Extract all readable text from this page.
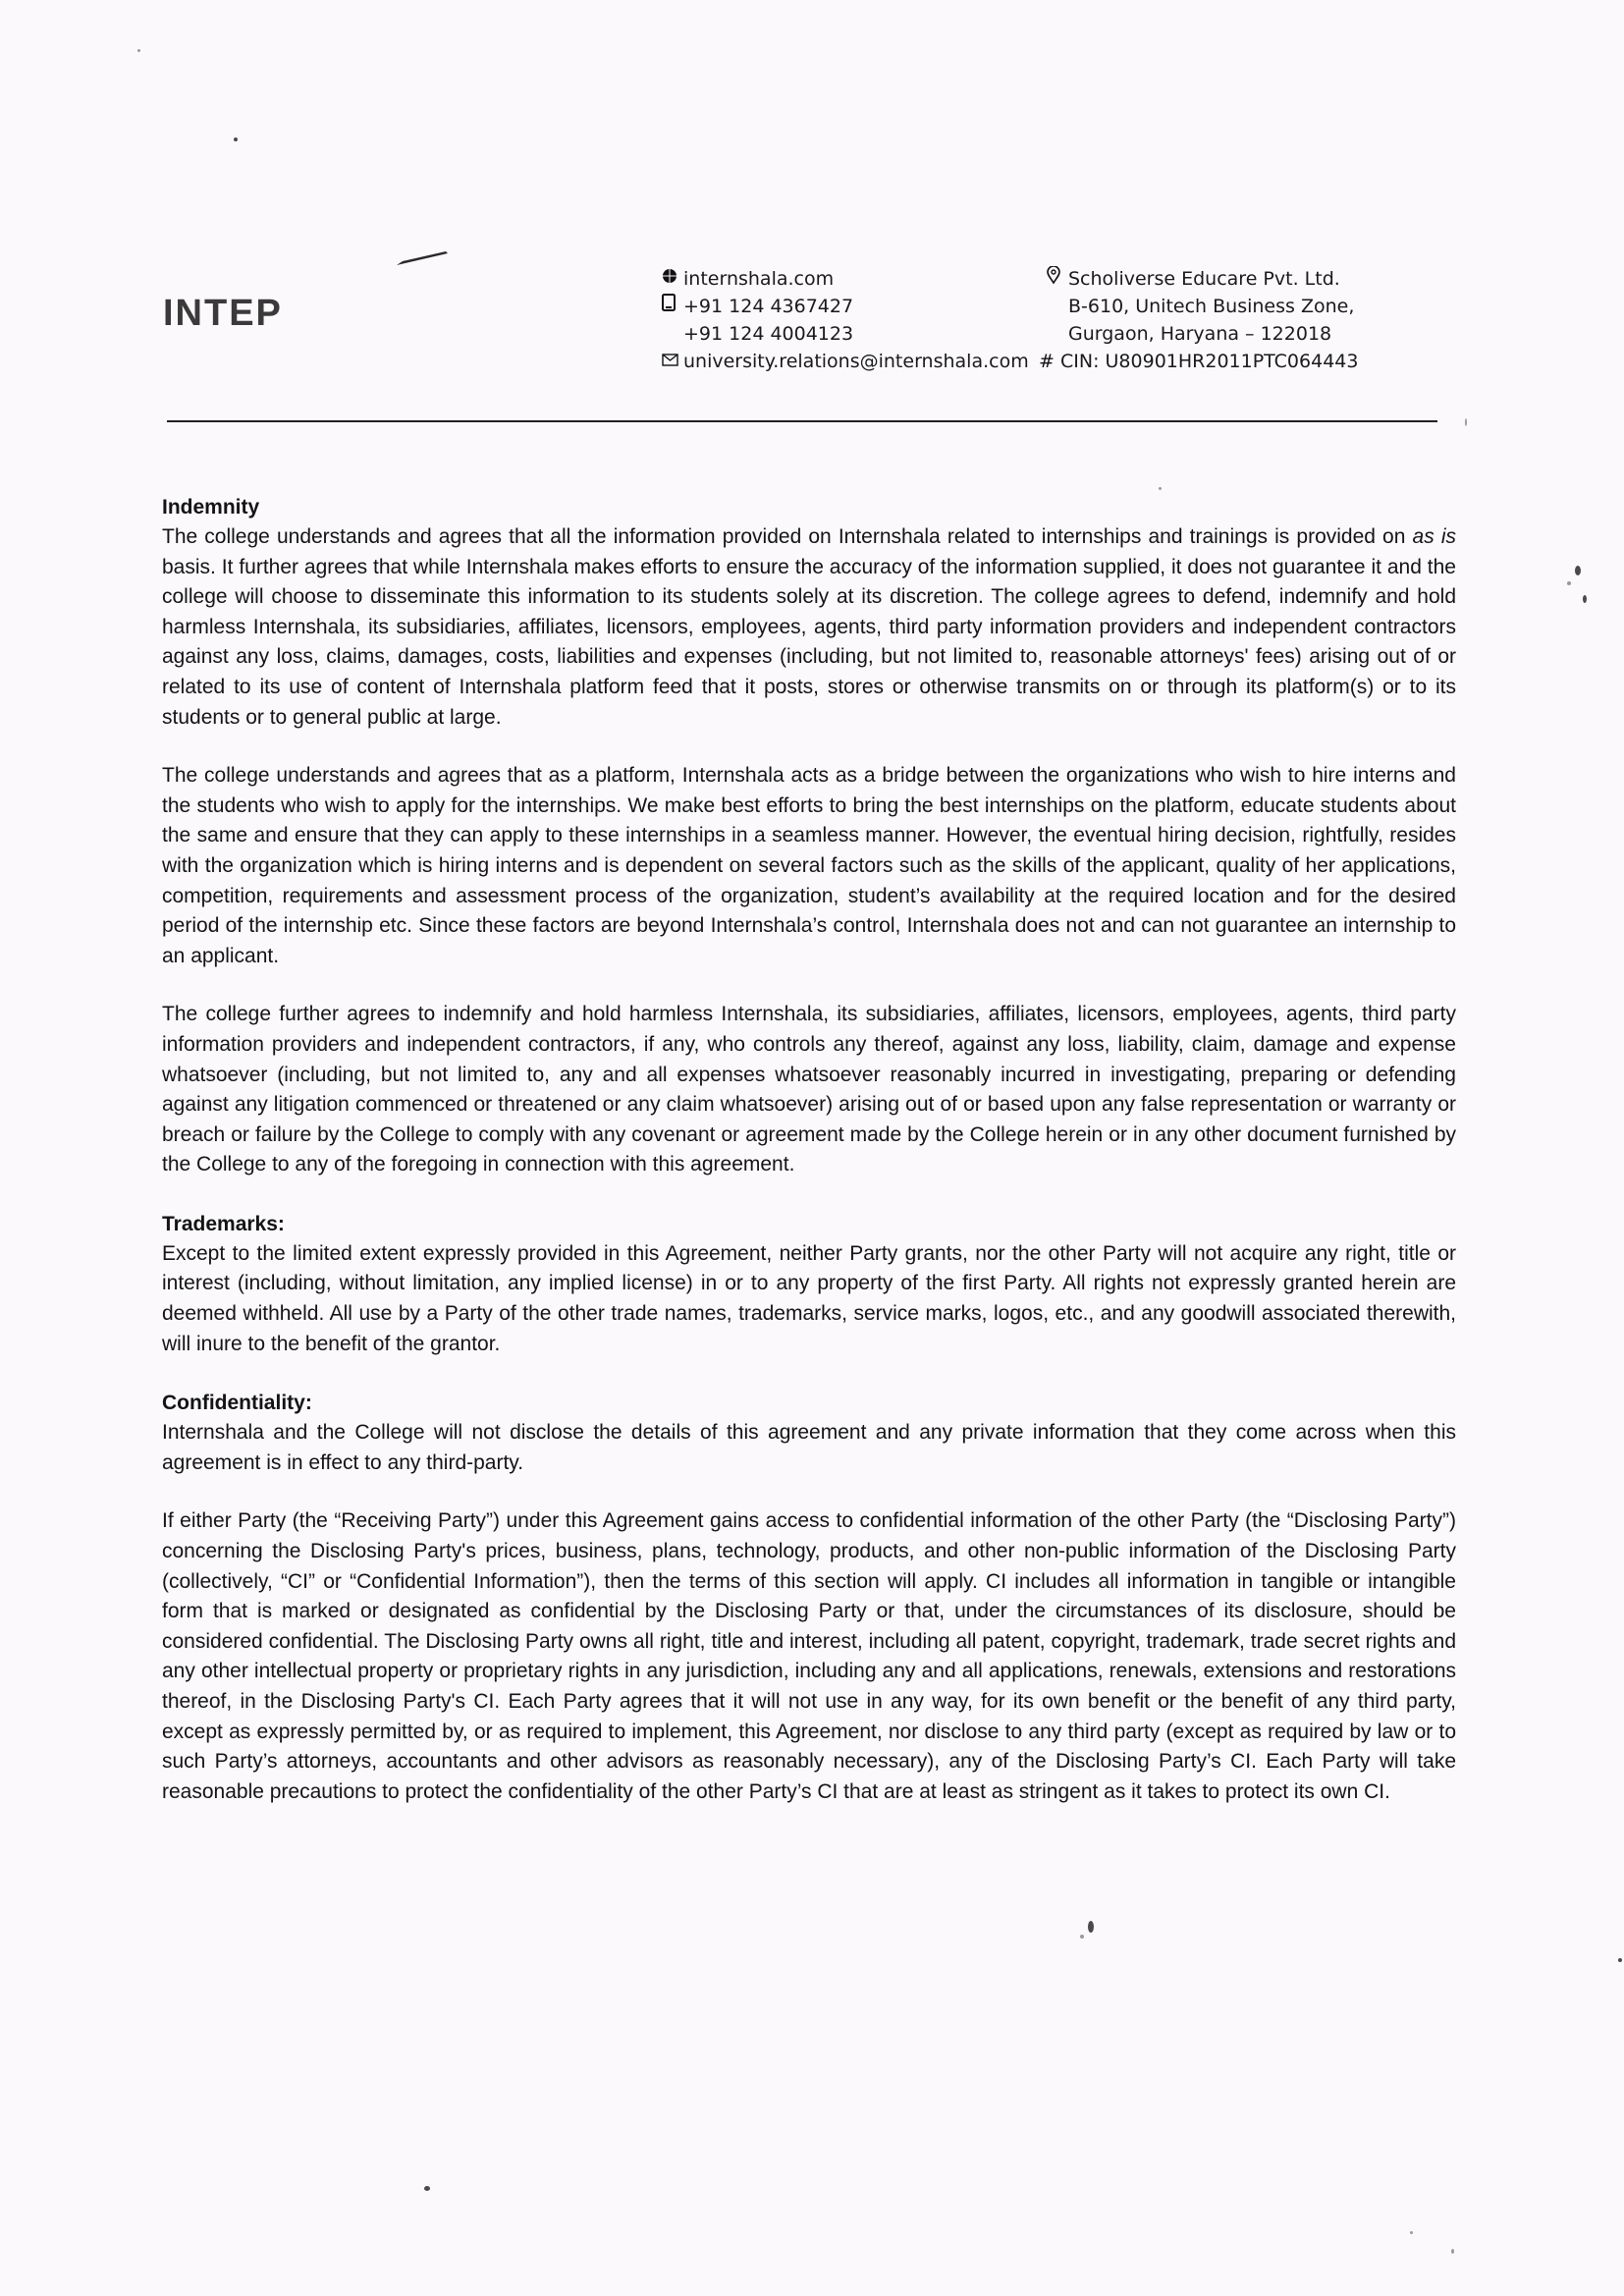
INTEP
internshala.com
+91 124 4367427
+91 124 4004123
university.relations@internshala.com
Scholiverse Educare Pvt. Ltd.
B-610, Unitech Business Zone,
Gurgaon, Haryana – 122018
# CIN: U80901HR2011PTC064443
Indemnity

The college understands and agrees that all the information provided on Internshala related to internships and trainings is provided on as is basis. It further agrees that while Internshala makes efforts to ensure the accuracy of the information supplied, it does not guarantee it and the college will choose to disseminate this information to its students solely at its discretion. The college agrees to defend, indemnify and hold harmless Internshala, its subsidiaries, affiliates, licensors, employees, agents, third party information providers and independent contractors against any loss, claims, damages, costs, liabilities and expenses (including, but not limited to, reasonable attorneys' fees) arising out of or related to its use of content of Internshala platform feed that it posts, stores or otherwise transmits on or through its platform(s) or to its students or to general public at large.

The college understands and agrees that as a platform, Internshala acts as a bridge between the organizations who wish to hire interns and the students who wish to apply for the internships. We make best efforts to bring the best internships on the platform, educate students about the same and ensure that they can apply to these internships in a seamless manner. However, the eventual hiring decision, rightfully, resides with the organization which is hiring interns and is dependent on several factors such as the skills of the applicant, quality of her applications, competition, requirements and assessment process of the organization, student’s availability at the required location and for the desired period of the internship etc. Since these factors are beyond Internshala’s control, Internshala does not and can not guarantee an internship to an applicant.

The college further agrees to indemnify and hold harmless Internshala, its subsidiaries, affiliates, licensors, employees, agents, third party information providers and independent contractors, if any, who controls any thereof, against any loss, liability, claim, damage and expense whatsoever (including, but not limited to, any and all expenses whatsoever reasonably incurred in investigating, preparing or defending against any litigation commenced or threatened or any claim whatsoever) arising out of or based upon any false representation or warranty or breach or failure by the College to comply with any covenant or agreement made by the College herein or in any other document furnished by the College to any of the foregoing in connection with this agreement.

Trademarks:

Except to the limited extent expressly provided in this Agreement, neither Party grants, nor the other Party will not acquire any right, title or interest (including, without limitation, any implied license) in or to any property of the first Party. All rights not expressly granted herein are deemed withheld. All use by a Party of the other trade names, trademarks, service marks, logos, etc., and any goodwill associated therewith, will inure to the benefit of the grantor.

Confidentiality:

Internshala and the College will not disclose the details of this agreement and any private information that they come across when this agreement is in effect to any third-party.

If either Party (the “Receiving Party”) under this Agreement gains access to confidential information of the other Party (the “Disclosing Party”) concerning the Disclosing Party's prices, business, plans, technology, products, and other non-public information of the Disclosing Party (collectively, “CI” or “Confidential Information”), then the terms of this section will apply. CI includes all information in tangible or intangible form that is marked or designated as confidential by the Disclosing Party or that, under the circumstances of its disclosure, should be considered confidential. The Disclosing Party owns all right, title and interest, including all patent, copyright, trademark, trade secret rights and any other intellectual property or proprietary rights in any jurisdiction, including any and all applications, renewals, extensions and restorations thereof, in the Disclosing Party's CI. Each Party agrees that it will not use in any way, for its own benefit or the benefit of any third party, except as expressly permitted by, or as required to implement, this Agreement, nor disclose to any third party (except as required by law or to such Party’s attorneys, accountants and other advisors as reasonably necessary), any of the Disclosing Party’s CI. Each Party will take reasonable precautions to protect the confidentiality of the other Party’s CI that are at least as stringent as it takes to protect its own CI.
